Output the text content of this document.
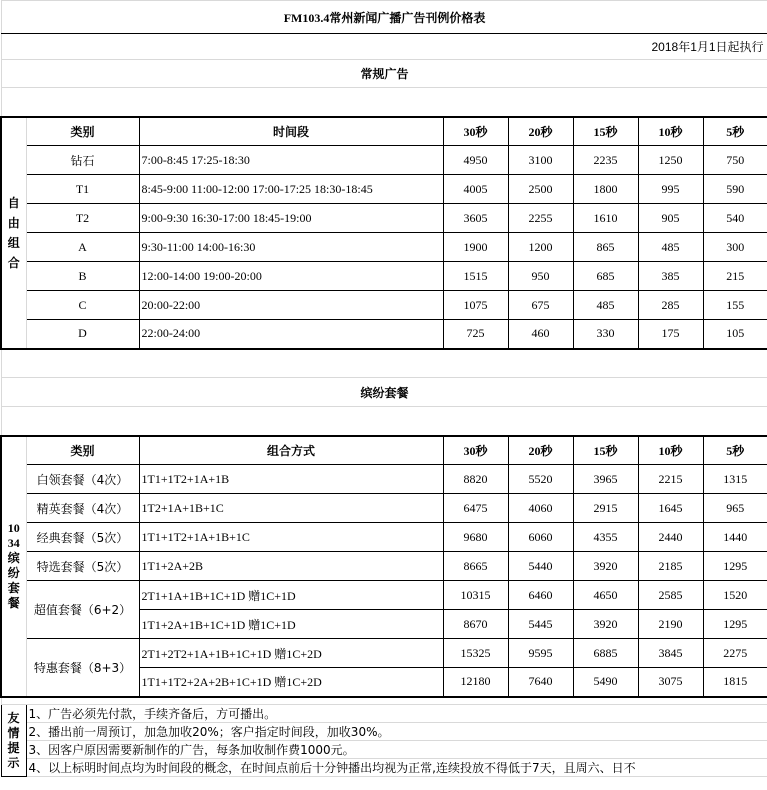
FM103.4常州新闻广播广告刊例价格表							
2018年1月1日起执行							
常规广告							

自由组合	类别	时间段	30秒	20秒	15秒	10秒	5秒
	钻石	7:00-8:45 17:25-18:30	4950	3100	2235	1250	750
	T1	8:45-9:00 11:00-12:00 17:00-17:25 18:30-18:45	4005	2500	1800	995	590
	T2	9:00-9:30 16:30-17:00 18:45-19:00	3605	2255	1610	905	540
	A	9:30-11:00 14:00-16:30	1900	1200	865	485	300
	B	12:00-14:00 19:00-20:00	1515	950	685	385	215
	C	20:00-22:00	1075	675	485	285	155
	D	22:00-24:00	725	460	330	175	105

缤纷套餐							

1034缤纷套餐	类别	组合方式	30秒	20秒	15秒	10秒	5秒
	白领套餐（4次）	1T1+1T2+1A+1B	8820	5520	3965	2215	1315
	精英套餐（4次）	1T2+1A+1B+1C	6475	4060	2915	1645	965
	经典套餐（5次）	1T1+1T2+1A+1B+1C	9680	6060	4355	2440	1440
	特选套餐（5次）	1T1+2A+2B	8665	5440	3920	2185	1295
	超值套餐（6+2）	2T1+1A+1B+1C+1D 赠1C+1D	10315	6460	4650	2585	1520
		1T1+2A+1B+1C+1D 赠1C+1D	8670	5445	3920	2190	1295
	特惠套餐（8+3）	2T1+2T2+1A+1B+1C+1D 赠1C+2D	15325	9595	6885	3845	2275
		1T1+1T2+2A+2B+1C+1D 赠1C+2D	12180	7640	5490	3075	1815

友情提示	1、广告必须先付款，手续齐备后，方可播出。						
	2、播出前一周预订，加急加收20%；客户指定时间段，加收30%。						
	3、因客户原因需要新制作的广告，每条加收制作费1000元。						
	4、以上标明时间点均为时间段的概念，在时间点前后十分钟播出均视为正常,连续投放不得低于7天，且周六、日不						
